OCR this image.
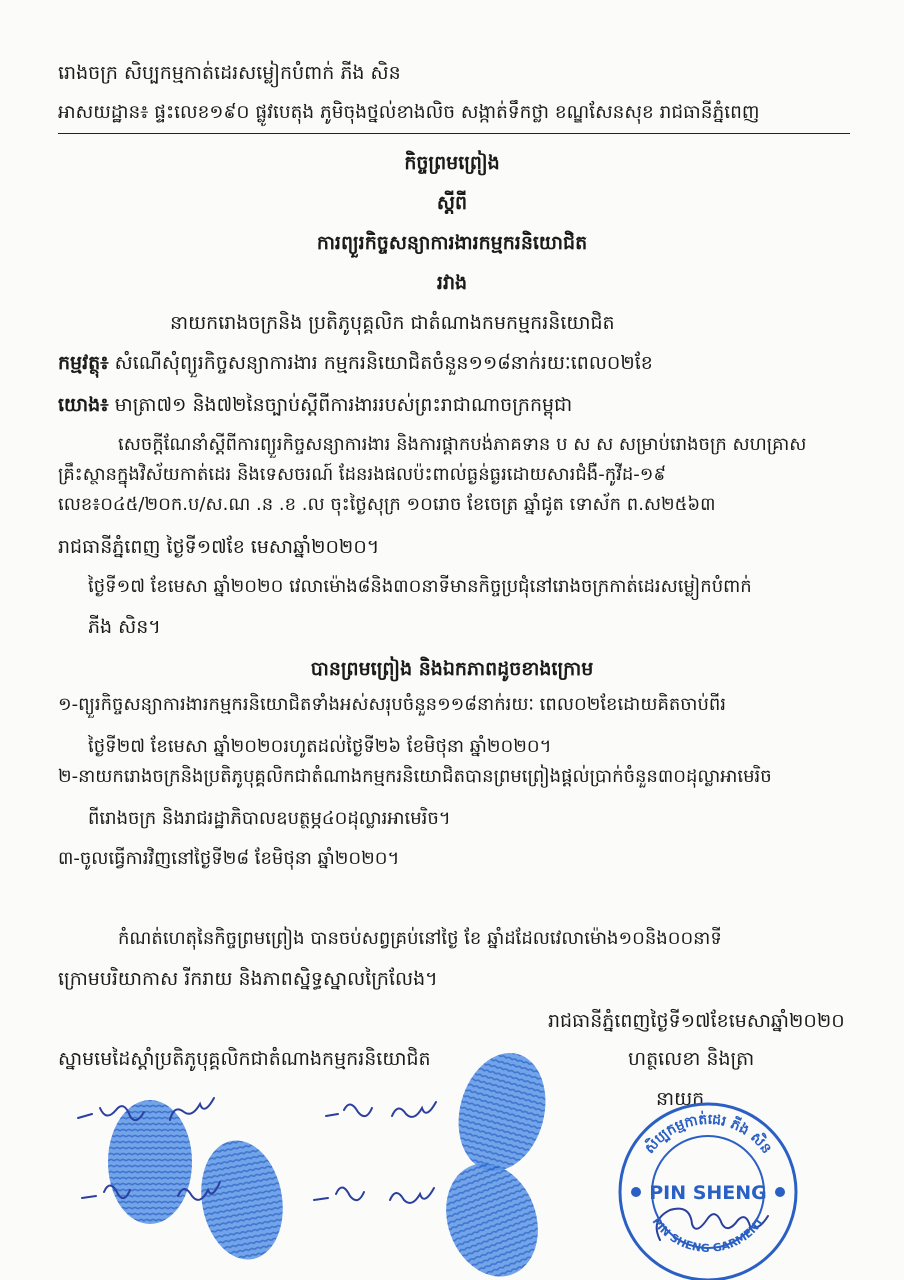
រោងចក្រ សិប្បកម្មកាត់ដេរសម្លៀកបំពាក់ ភីង សិន
អាសយដ្ឋាន៖ ផ្ទះលេខ១៩០ ផ្លូវបេតុង ភូមិចុងថ្នល់ខាងលិច សង្កាត់ទឹកថ្លា ខណ្ឌសែនសុខ រាជធានីភ្នំពេញ
កិច្ចព្រមព្រៀង
ស្តីពី
ការព្យួរកិច្ចសន្យាការងារកម្មករនិយោជិត
រវាង
នាយករោងចក្រនិង ប្រតិភូបុគ្គលិក ជាតំណាងកមកម្មករនិយោជិត
កម្មវត្ថុ៖ សំណើសុំព្យួរកិច្ចសន្យាការងារ កម្មករនិយោជិតចំនួន១១៨នាក់រយៈពេល០២ខែ
យោង៖ មាត្រា៧១ និង៧២នៃច្បាប់ស្តីពីការងាររបស់ព្រះរាជាណាចក្រកម្ពុជា
សេចក្តីណែនាំស្តីពីការព្យួរកិច្ចសន្យាការងារ និងការផ្តាកបង់ភាគទាន ប ស ស សម្រាប់រោងចក្រ សហគ្រាស
គ្រឹះស្ថានក្នុងវិស័យកាត់ដេរ និងទេសចរណ៍ ដែនរងផលប៉ះពាល់ធ្ងន់ធ្ងរដោយសារជំងឺ-កូវីដ-១៩
លេខ៖០៤៥/២០ក.ប/ស.ណ .ន .ខ .ល ចុះថ្ងៃសុក្រ ១០រោច ខែចេត្រ ឆ្នាំជូត ទោស័ក ព.ស២៥៦៣
រាជធានីភ្នំពេញ ថ្ងៃទី១៧ខែ មេសាឆ្នាំ២០២០។
ថ្ងៃទី១៧ ខែមេសា ឆ្នាំ២០២០ វេលាម៉ោង៨និង៣០នាទីមានកិច្ចប្រជុំនៅរោងចក្រកាត់ដេរសម្លៀកបំពាក់
ភីង សិន។
បានព្រមព្រៀង និងឯកភាពដូចខាងក្រោម
១-ព្យួរកិច្ចសន្យាការងារកម្មករនិយោជិតទាំងអស់សរុបចំនួន១១៨នាក់រយៈ ពេល០២ខែដោយគិតចាប់ពីរ
ថ្ងៃទី២៧ ខែមេសា ឆ្នាំ២០២០រហូតដល់ថ្ងៃទី២៦ ខែមិថុនា ឆ្នាំ២០២០។
២-នាយករោងចក្រនិងប្រតិភូបុគ្គលិកជាតំណាងកម្មករនិយោជិតបានព្រមព្រៀងផ្តល់ប្រាក់ចំនួន៣០ដុល្លាអាមេរិច
ពីរោងចក្រ និងរាជរដ្ឋាភិបាលឧបត្ថម្ភ៤០ដុល្លារអាមេរិច។
៣-ចូលធ្វើការវិញនៅថ្ងៃទី២៨ ខែមិថុនា ឆ្នាំ២០២០។
កំណត់ហេតុនៃកិច្ចព្រមព្រៀង បានចប់សព្វគ្រប់នៅថ្ងៃ ខែ ឆ្នាំដដែលវេលាម៉ោង១០និង០០នាទី
ក្រោមបរិយាកាស រីករាយ និងភាពស្និទ្ធស្នាលក្រៃលែង។
រាជធានីភ្នំពេញថ្ងៃទី១៧ខែមេសាឆ្នាំ២០២០
ស្នាមមេដៃស្តាំប្រតិភូបុគ្គលិកជាតំណាងកម្មករនិយោជិត	ហត្ថលេខា និងត្រា
នាយក
PIN SHENG
សិប្បកម្មកាត់ដេរ ភីង សិន
PIN SHENG GARMENT
